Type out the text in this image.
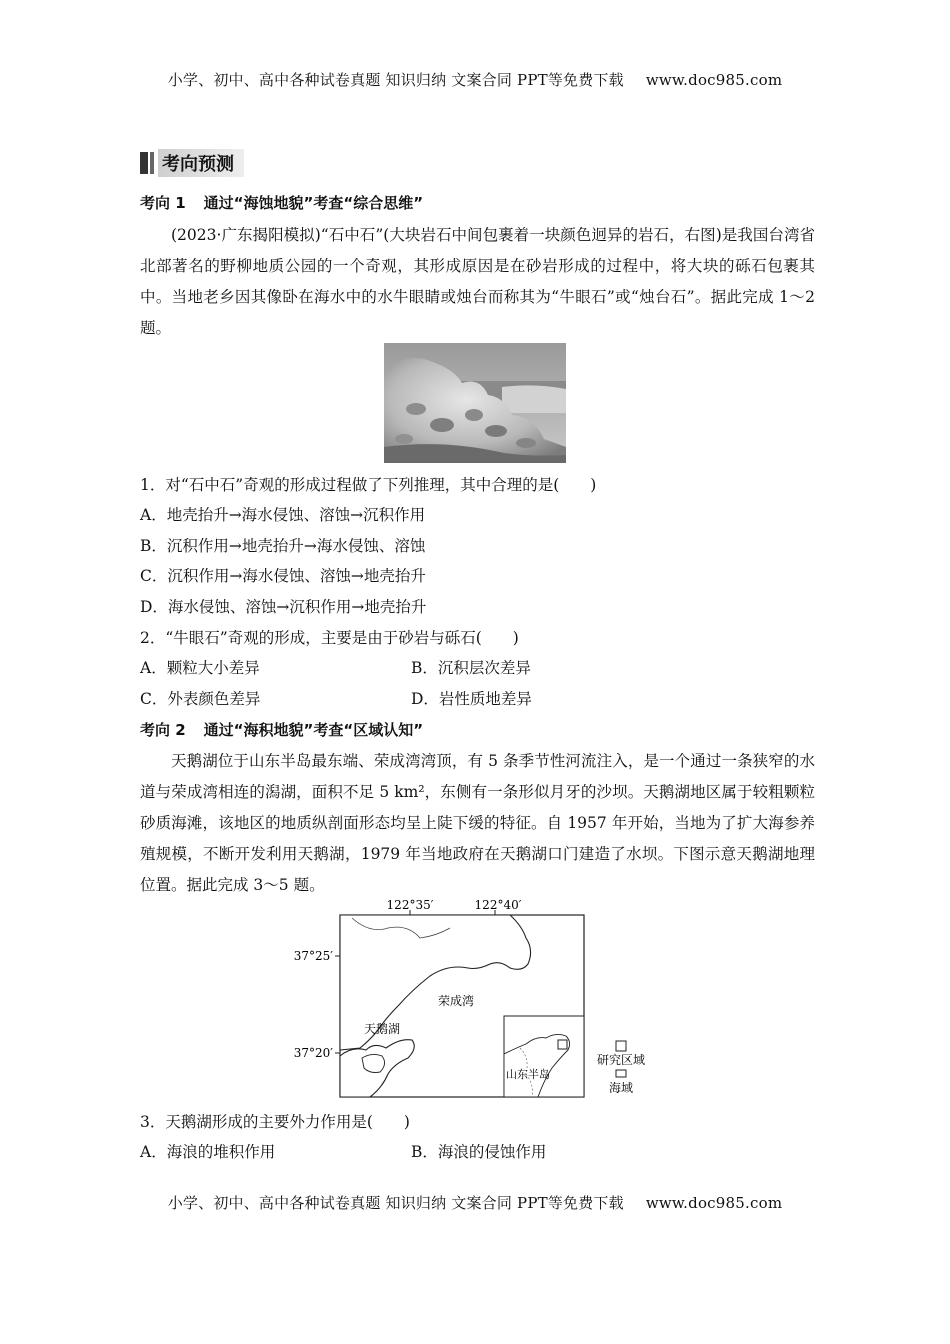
小学、初中、高中各种试卷真题 知识归纳 文案合同 PPT等免费下载 www.doc985.com
考向预测
考向 1 通过“海蚀地貌”考查“综合思维”

(2023·广东揭阳模拟)“石中石”(大块岩石中间包裹着一块颜色迥异的岩石，右图)是我国台湾省北部著名的野柳地质公园的一个奇观，其形成原因是在砂岩形成的过程中，将大块的砾石包裹其中。当地老乡因其像卧在海水中的水牛眼睛或烛台而称其为“牛眼石”或“烛台石”。据此完成 1～2 题。

1．对“石中石”奇观的形成过程做了下列推理，其中合理的是(　　)
A．地壳抬升→海水侵蚀、溶蚀→沉积作用
B．沉积作用→地壳抬升→海水侵蚀、溶蚀
C．沉积作用→海水侵蚀、溶蚀→地壳抬升
D．海水侵蚀、溶蚀→沉积作用→地壳抬升
2．“牛眼石”奇观的形成，主要是由于砂岩与砾石(　　)
A．颗粒大小差异	B．沉积层次差异
C．外表颜色差异	D．岩性质地差异
考向 2 通过“海积地貌”考查“区域认知”

天鹅湖位于山东半岛最东端、荣成湾湾顶，有 5 条季节性河流注入，是一个通过一条狭窄的水道与荣成湾相连的潟湖，面积不足 5 km²，东侧有一条形似月牙的沙坝。天鹅湖地区属于较粗颗粒砂质海滩，该地区的地质纵剖面形态均呈上陡下缓的特征。自 1957 年开始，当地为了扩大海参养殖规模，不断开发利用天鹅湖，1979 年当地政府在天鹅湖口门建造了水坝。下图示意天鹅湖地理位置。据此完成 3～5 题。

122°35′	122°40′
37°25′
37°20′
天鹅湖
荣成湾
山东半岛
研究区域
海域
3．天鹅湖形成的主要外力作用是(　　)
A．海浪的堆积作用	B．海浪的侵蚀作用
小学、初中、高中各种试卷真题 知识归纳 文案合同 PPT等免费下载 www.doc985.com
